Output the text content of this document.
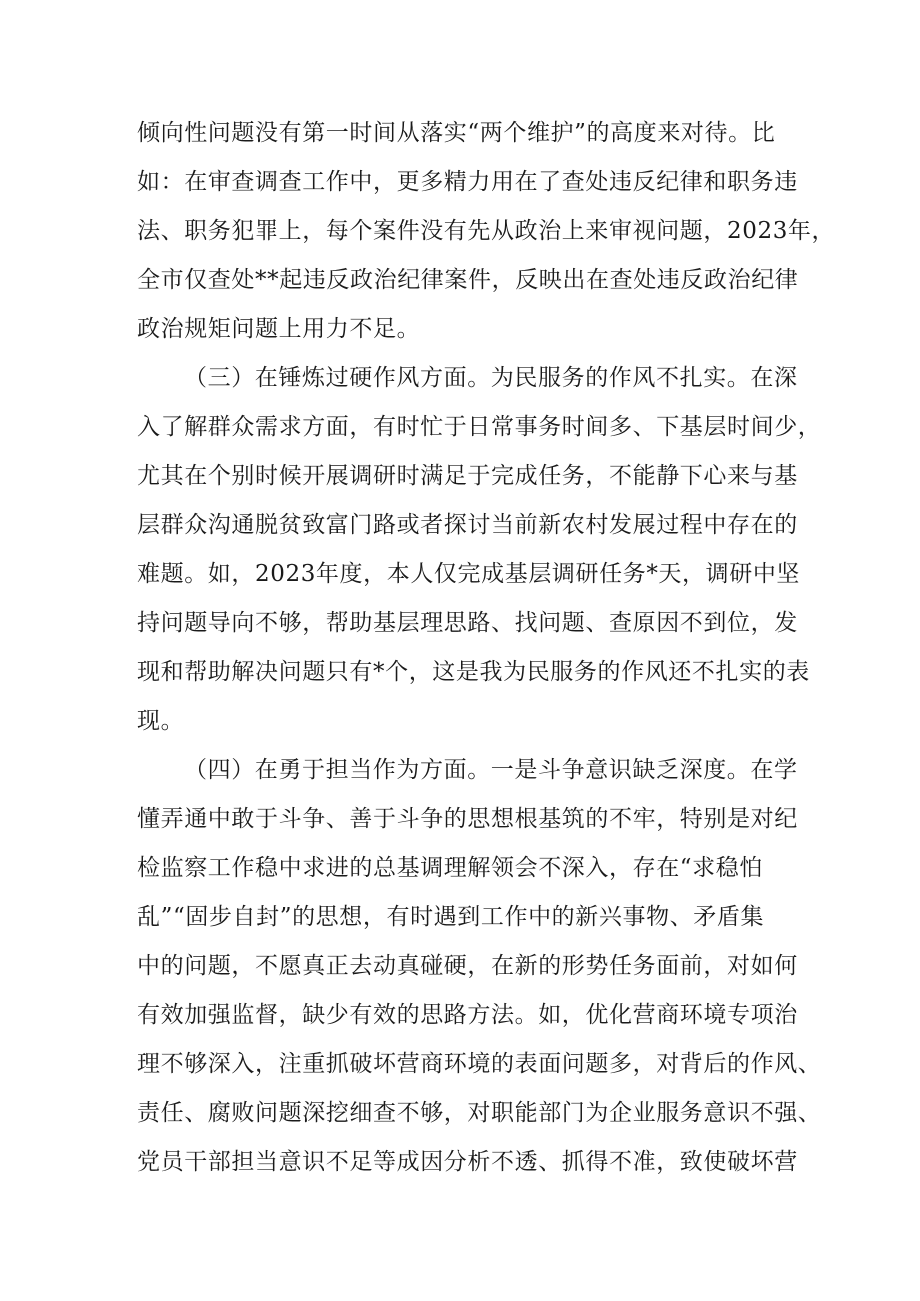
倾向性问题没有第一时间从落实“两个维护”的高度来对待。比
如：在审查调查工作中，更多精力用在了查处违反纪律和职务违
法、职务犯罪上，每个案件没有先从政治上来审视问题，2023年，
全市仅查处**起违反政治纪律案件，反映出在查处违反政治纪律
政治规矩问题上用力不足。
（三）在锤炼过硬作风方面。为民服务的作风不扎实。在深
入了解群众需求方面，有时忙于日常事务时间多、下基层时间少，
尤其在个别时候开展调研时满足于完成任务，不能静下心来与基
层群众沟通脱贫致富门路或者探讨当前新农村发展过程中存在的
难题。如，2023年度，本人仅完成基层调研任务*天，调研中坚
持问题导向不够，帮助基层理思路、找问题、查原因不到位，发
现和帮助解决问题只有*个，这是我为民服务的作风还不扎实的表
现。
（四）在勇于担当作为方面。一是斗争意识缺乏深度。在学
懂弄通中敢于斗争、善于斗争的思想根基筑的不牢，特别是对纪
检监察工作稳中求进的总基调理解领会不深入，存在“求稳怕
乱”“固步自封”的思想，有时遇到工作中的新兴事物、矛盾集
中的问题，不愿真正去动真碰硬，在新的形势任务面前，对如何
有效加强监督，缺少有效的思路方法。如，优化营商环境专项治
理不够深入，注重抓破坏营商环境的表面问题多，对背后的作风、
责任、腐败问题深挖细查不够，对职能部门为企业服务意识不强、
党员干部担当意识不足等成因分析不透、抓得不准，致使破坏营
